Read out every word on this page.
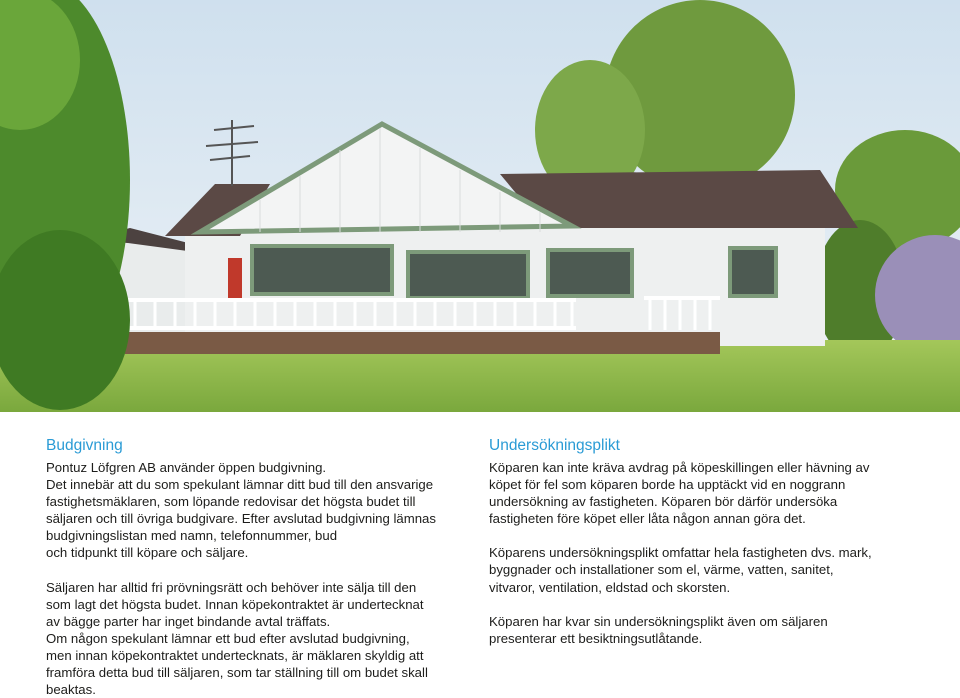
Budgivning

Pontuz Löfgren AB använder öppen budgivning.
Det innebär att du som spekulant lämnar ditt bud till den ansvarige
fastighetsmäklaren, som löpande redovisar det högsta budet till
säljaren och till övriga budgivare. Efter avslutad budgivning lämnas
budgivningslistan med namn, telefonnummer, bud
och tidpunkt till köpare och säljare.

Säljaren har alltid fri prövningsrätt och behöver inte sälja till den
som lagt det högsta budet. Innan köpekontraktet är undertecknat
av bägge parter har inget bindande avtal träffats.
Om någon spekulant lämnar ett bud efter avslutad budgivning,
men innan köpekontraktet undertecknats, är mäklaren skyldig att
framföra detta bud till säljaren, som tar ställning till om budet skall
beaktas.

Undersökningsplikt

Köparen kan inte kräva avdrag på köpeskillingen eller hävning av
köpet för fel som köparen borde ha upptäckt vid en noggrann
undersökning av fastigheten. Köparen bör därför undersöka
fastigheten före köpet eller låta någon annan göra det.

Köparens undersökningsplikt omfattar hela fastigheten dvs. mark,
byggnader och installationer som el, värme, vatten, sanitet,
vitvaror, ventilation, eldstad och skorsten.

Köparen har kvar sin undersökningsplikt även om säljaren
presenterar ett besiktningsutlåtande.
